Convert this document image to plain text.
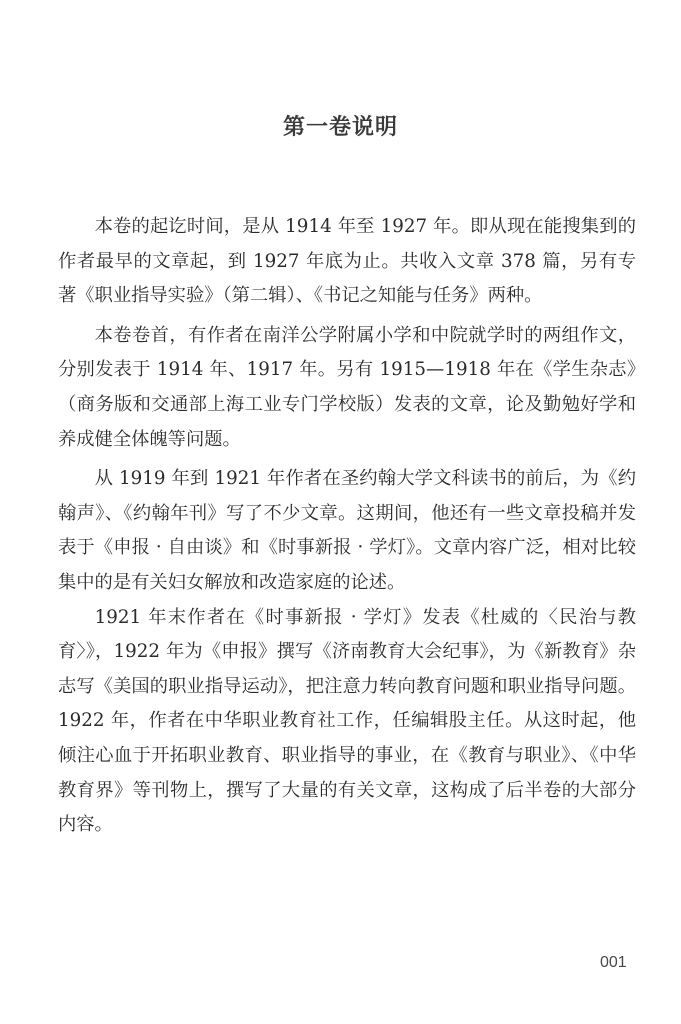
第一卷说明

本卷的起讫时间，是从 1914 年至 1927 年。即从现在能搜集到的作者最早的文章起，到 1927 年底为止。共收入文章 378 篇，另有专著《职业指导实验》（第二辑）、《书记之知能与任务》两种。

本卷卷首，有作者在南洋公学附属小学和中院就学时的两组作文，分别发表于 1914 年、1917 年。另有 1915—1918 年在《学生杂志》（商务版和交通部上海工业专门学校版）发表的文章，论及勤勉好学和养成健全体魄等问题。

从 1919 年到 1921 年作者在圣约翰大学文科读书的前后，为《约翰声》、《约翰年刊》写了不少文章。这期间，他还有一些文章投稿并发表于《申报 · 自由谈》和《时事新报 · 学灯》。文章内容广泛，相对比较集中的是有关妇女解放和改造家庭的论述。

1921 年末作者在《时事新报 · 学灯》发表《杜威的〈民治与教育〉》，1922 年为《申报》撰写《济南教育大会纪事》，为《新教育》杂志写《美国的职业指导运动》，把注意力转向教育问题和职业指导问题。1922 年，作者在中华职业教育社工作，任编辑股主任。从这时起，他倾注心血于开拓职业教育、职业指导的事业，在《教育与职业》、《中华教育界》等刊物上，撰写了大量的有关文章，这构成了后半卷的大部分内容。

001
